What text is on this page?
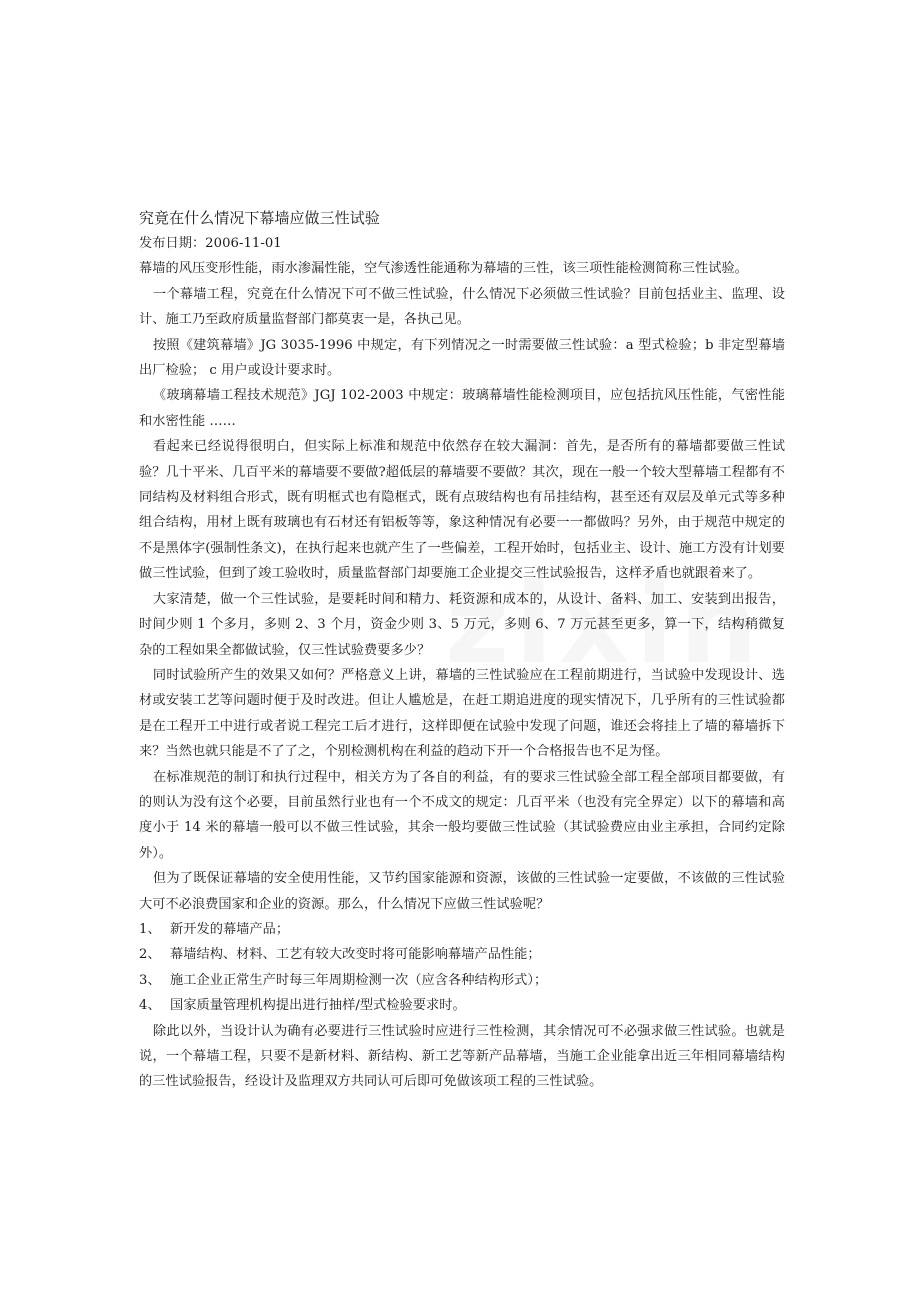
究竟在什么情况下幕墙应做三性试验

发布日期：2006-11-01

幕墙的风压变形性能，雨水渗漏性能，空气渗透性能通称为幕墙的三性，该三项性能检测简称三性试验。

一个幕墙工程，究竟在什么情况下可不做三性试验，什么情况下必须做三性试验？目前包括业主、监理、设计、施工乃至政府质量监督部门都莫衷一是，各执己见。

按照《建筑幕墙》JG 3035-1996 中规定，有下列情况之一时需要做三性试验：a 型式检验；b 非定型幕墙出厂检验； c 用户或设计要求时。

《玻璃幕墙工程技术规范》JGJ 102-2003 中规定：玻璃幕墙性能检测项目，应包括抗风压性能，气密性能和水密性能 ……

看起来已经说得很明白，但实际上标准和规范中依然存在较大漏洞：首先，是否所有的幕墙都要做三性试验？几十平米、几百平米的幕墙要不要做?超低层的幕墙要不要做？其次，现在一般一个较大型幕墙工程都有不同结构及材料组合形式，既有明框式也有隐框式，既有点玻结构也有吊挂结构，甚至还有双层及单元式等多种组合结构，用材上既有玻璃也有石材还有铝板等等，象这种情况有必要一一都做吗？另外，由于规范中规定的不是黑体字(强制性条文)，在执行起来也就产生了一些偏差，工程开始时，包括业主、设计、施工方没有计划要做三性试验，但到了竣工验收时，质量监督部门却要施工企业提交三性试验报告，这样矛盾也就跟着来了。

大家清楚，做一个三性试验，是要耗时间和精力、耗资源和成本的，从设计、备料、加工、安装到出报告，时间少则 1 个多月，多则 2、3 个月，资金少则 3、5 万元，多则 6、7 万元甚至更多，算一下，结构稍微复杂的工程如果全都做试验，仅三性试验费要多少？

同时试验所产生的效果又如何？严格意义上讲，幕墙的三性试验应在工程前期进行，当试验中发现设计、选材或安装工艺等问题时便于及时改进。但让人尴尬是，在赶工期追进度的现实情况下，几乎所有的三性试验都是在工程开工中进行或者说工程完工后才进行，这样即便在试验中发现了问题，谁还会将挂上了墙的幕墙拆下来？当然也就只能是不了了之，个别检测机构在利益的趋动下开一个合格报告也不足为怪。

在标准规范的制订和执行过程中，相关方为了各自的利益，有的要求三性试验全部工程全部项目都要做，有的则认为没有这个必要，目前虽然行业也有一个不成文的规定：几百平米（也没有完全界定）以下的幕墙和高度小于 14 米的幕墙一般可以不做三性试验，其余一般均要做三性试验（其试验费应由业主承担，合同约定除外）。

但为了既保证幕墙的安全使用性能，又节约国家能源和资源，该做的三性试验一定要做，不该做的三性试验大可不必浪费国家和企业的资源。那么，什么情况下应做三性试验呢？

1、 新开发的幕墙产品；
2、 幕墙结构、材料、工艺有较大改变时将可能影响幕墙产品性能；
3、 施工企业正常生产时每三年周期检测一次（应含各种结构形式）；
4、 国家质量管理机构提出进行抽样/型式检验要求时。

除此以外，当设计认为确有必要进行三性试验时应进行三性检测，其余情况可不必强求做三性试验。也就是说，一个幕墙工程，只要不是新材料、新结构、新工艺等新产品幕墙，当施工企业能拿出近三年相同幕墙结构的三性试验报告，经设计及监理双方共同认可后即可免做该项工程的三性试验。
